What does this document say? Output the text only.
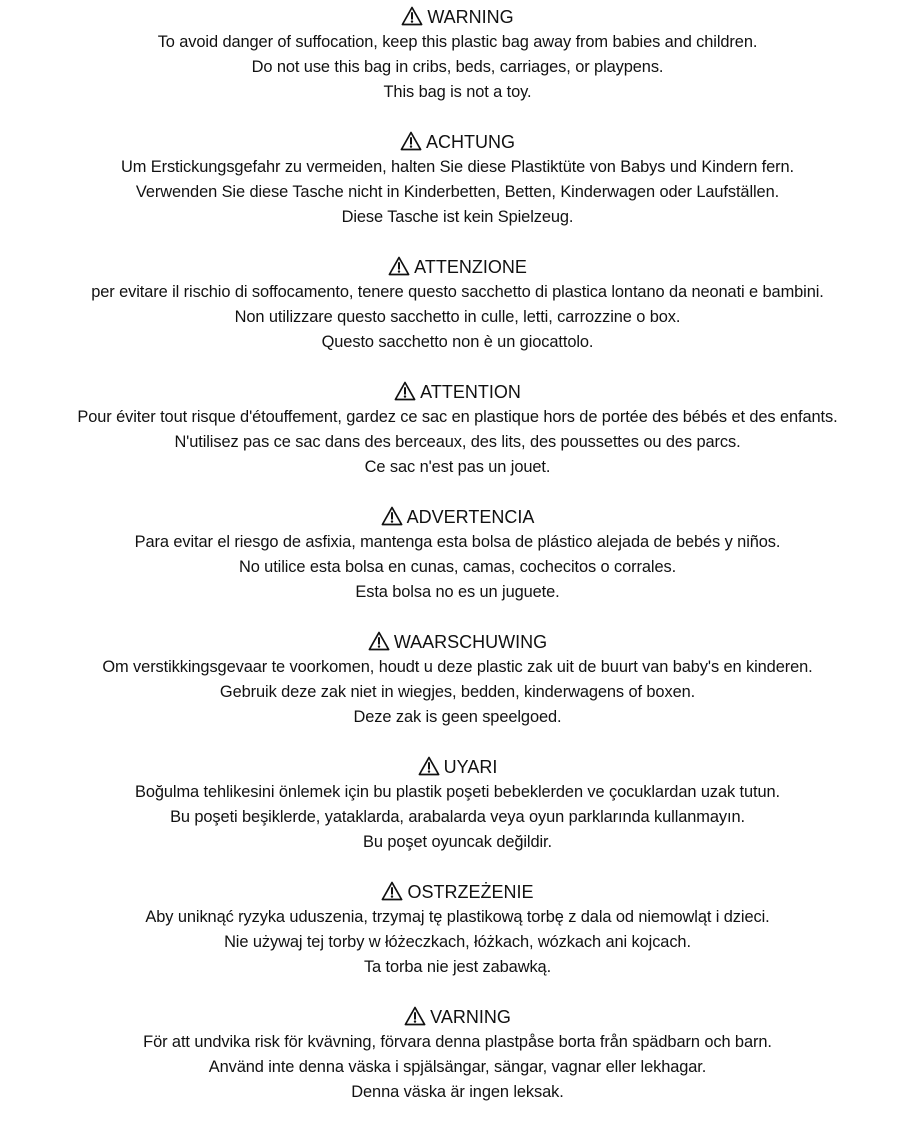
WARNING
To avoid danger of suffocation, keep this plastic bag away from babies and children.
Do not use this bag in cribs, beds, carriages, or playpens.
This bag is not a toy.
ACHTUNG
Um Erstickungsgefahr zu vermeiden, halten Sie diese Plastiktüte von Babys und Kindern fern.
Verwenden Sie diese Tasche nicht in Kinderbetten, Betten, Kinderwagen oder Laufställen.
Diese Tasche ist kein Spielzeug.
ATTENZIONE
per evitare il rischio di soffocamento, tenere questo sacchetto di plastica lontano da neonati e bambini.
Non utilizzare questo sacchetto in culle, letti, carrozzine o box.
Questo sacchetto non è un giocattolo.
ATTENTION
Pour éviter tout risque d'étouffement, gardez ce sac en plastique hors de portée des bébés et des enfants.
N'utilisez pas ce sac dans des berceaux, des lits, des poussettes ou des parcs.
Ce sac n'est pas un jouet.
ADVERTENCIA
Para evitar el riesgo de asfixia, mantenga esta bolsa de plástico alejada de bebés y niños.
No utilice esta bolsa en cunas, camas, cochecitos o corrales.
Esta bolsa no es un juguete.
WAARSCHUWING
Om verstikkingsgevaar te voorkomen, houdt u deze plastic zak uit de buurt van baby's en kinderen.
Gebruik deze zak niet in wiegjes, bedden, kinderwagens of boxen.
Deze zak is geen speelgoed.
UYARI
Boğulma tehlikesini önlemek için bu plastik poşeti bebeklerden ve çocuklardan uzak tutun.
Bu poşeti beşiklerde, yataklarda, arabalarda veya oyun parklarında kullanmayın.
Bu poşet oyuncak değildir.
OSTRZEŻENIE
Aby uniknąć ryzyka uduszenia, trzymaj tę plastikową torbę z dala od niemowląt i dzieci.
Nie używaj tej torby w łóżeczkach, łóżkach, wózkach ani kojcach.
Ta torba nie jest zabawką.
VARNING
För att undvika risk för kvävning, förvara denna plastpåse borta från spädbarn och barn.
Använd inte denna väska i spjälsängar, sängar, vagnar eller lekhagar.
Denna väska är ingen leksak.
